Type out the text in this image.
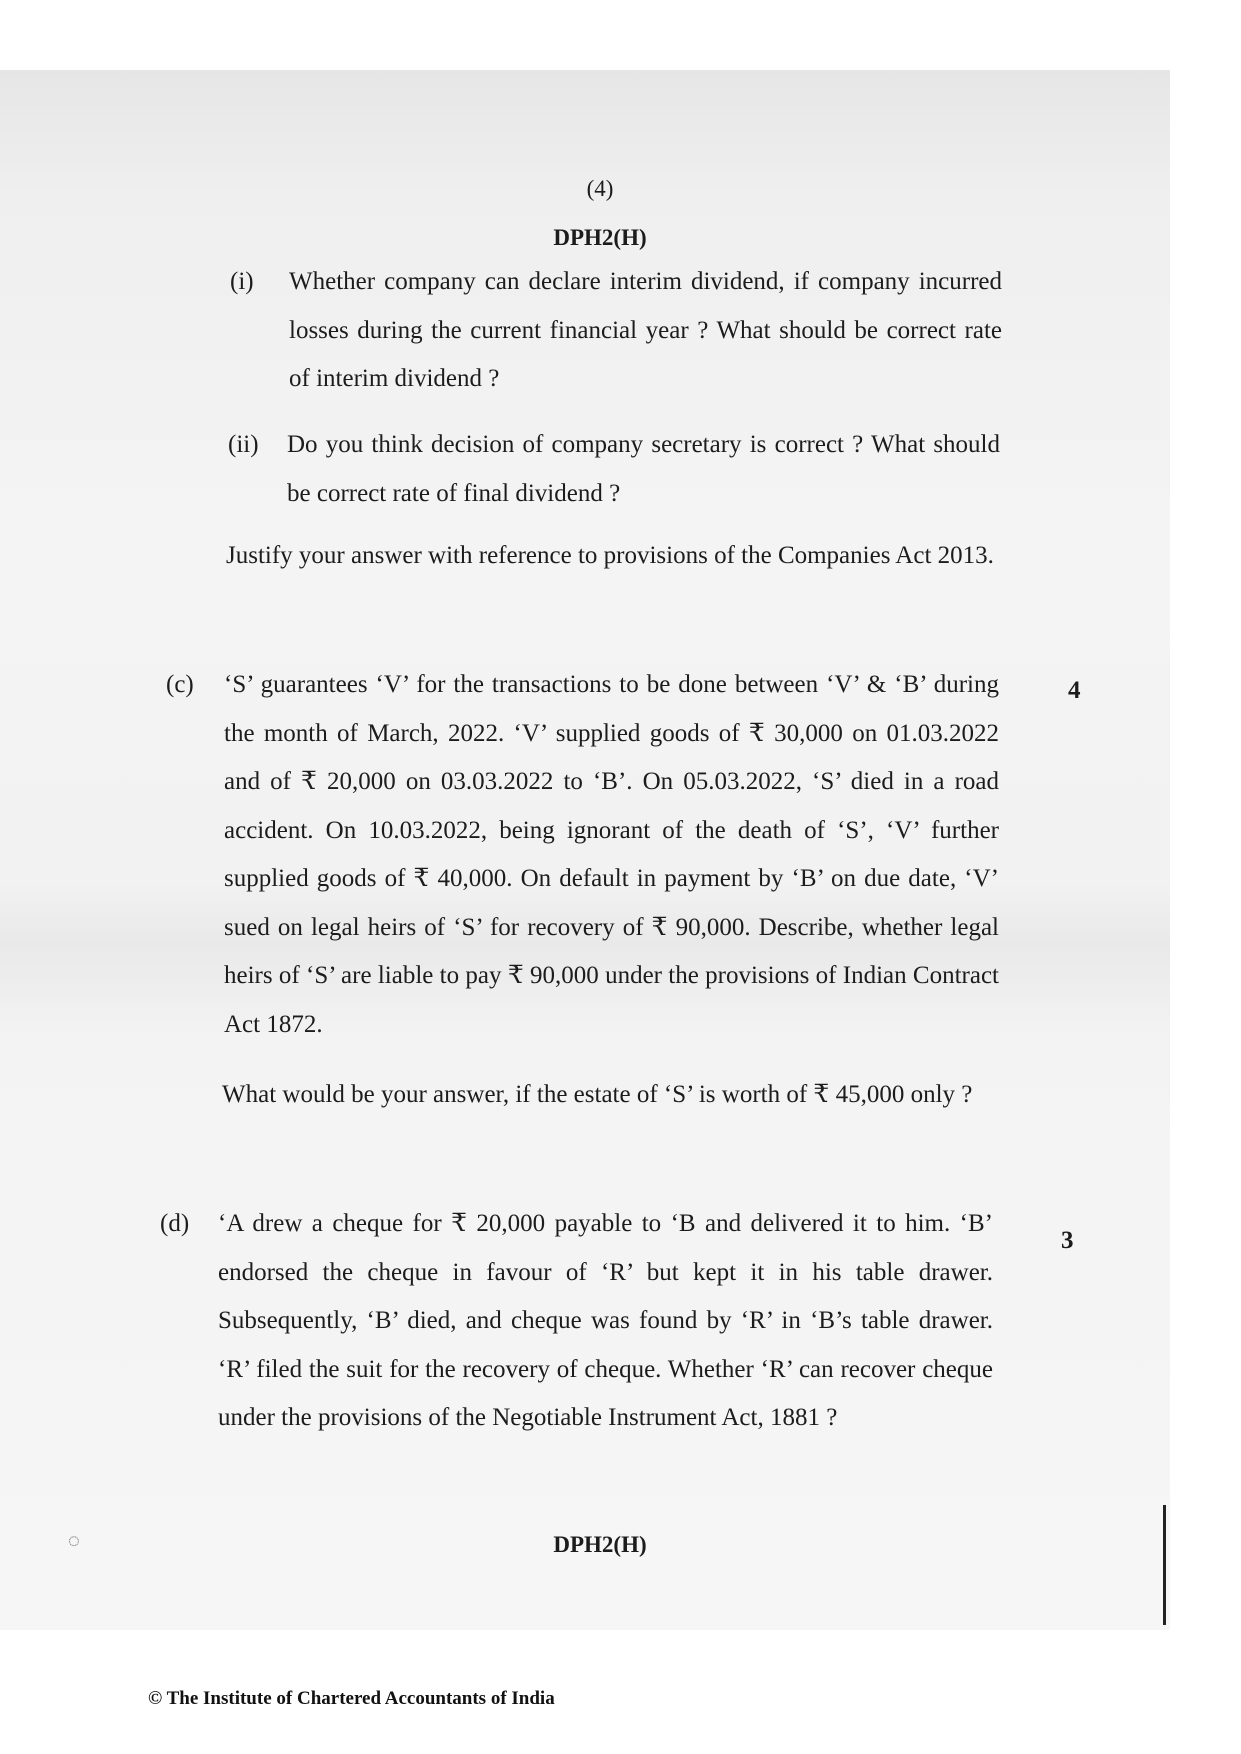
(4)
DPH2(H)
(i) Whether company can declare interim dividend, if company incurred losses during the current financial year ? What should be correct rate of interim dividend ?

(ii) Do you think decision of company secretary is correct ? What should be correct rate of final dividend ?

Justify your answer with reference to provisions of the Companies Act 2013.

(c) ‘S’ guarantees ‘V’ for the transactions to be done between ‘V’ & ‘B’ during the month of March, 2022. ‘V’ supplied goods of ₹ 30,000 on 01.03.2022 and of ₹ 20,000 on 03.03.2022 to ‘B’. On 05.03.2022, ‘S’ died in a road accident. On 10.03.2022, being ignorant of the death of ‘S’, ‘V’ further supplied goods of ₹ 40,000. On default in payment by ‘B’ on due date, ‘V’ sued on legal heirs of ‘S’ for recovery of ₹ 90,000. Describe, whether legal heirs of ‘S’ are liable to pay ₹ 90,000 under the provisions of Indian Contract Act 1872.

4

What would be your answer, if the estate of ‘S’ is worth of ₹ 45,000 only ?

(d) ‘A drew a cheque for ₹ 20,000 payable to ‘B and delivered it to him. ‘B’ endorsed the cheque in favour of ‘R’ but kept it in his table drawer. Subsequently, ‘B’ died, and cheque was found by ‘R’ in ‘B’s table drawer. ‘R’ filed the suit for the recovery of cheque. Whether ‘R’ can recover cheque under the provisions of the Negotiable Instrument Act, 1881 ?

3
◌	DPH2(H)
© The Institute of Chartered Accountants of India
